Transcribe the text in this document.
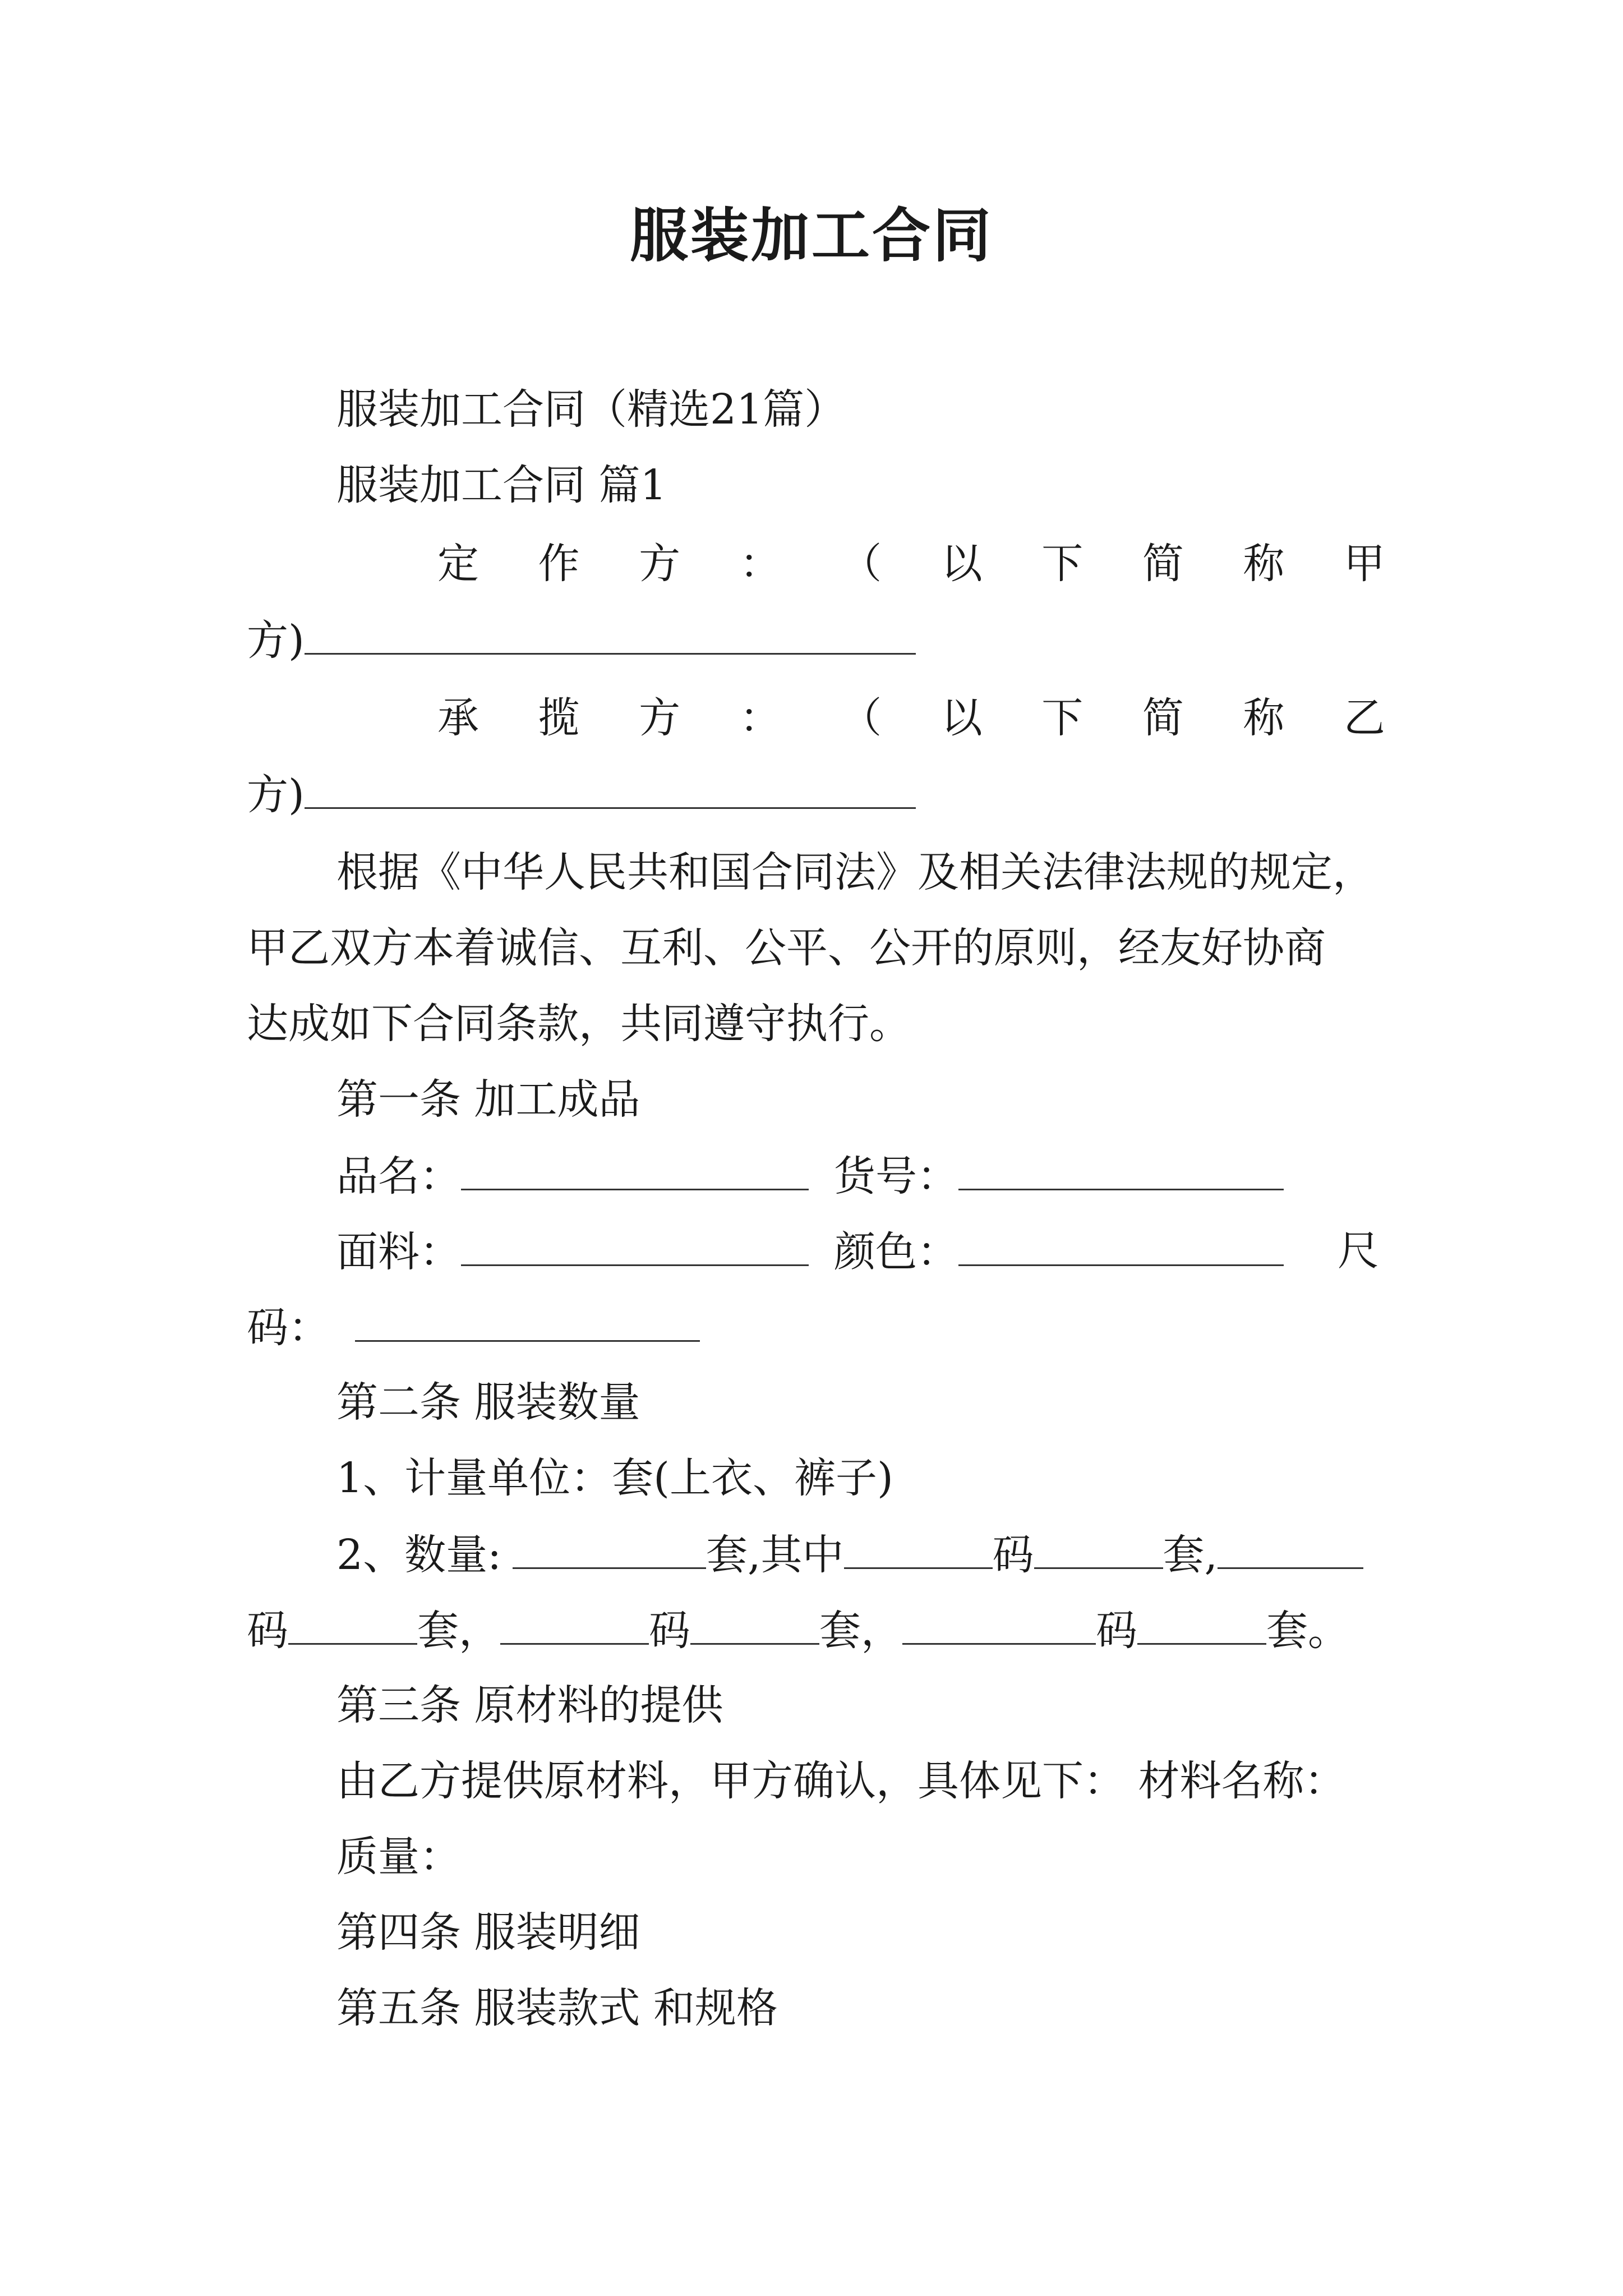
服装加工合同
服装加工合同（精选21篇）
服装加工合同 篇1
定 作 方 ： （ 以 下 简 称 甲
方)
承 揽 方 ： （ 以 下 简 称 乙
方)
根据《中华人民共和国合同法》及相关法律法规的规定，
甲乙双方本着诚信、互利、公平、公开的原则，经友好协商
达成如下合同条款，共同遵守执行。
第一条 加工成品
品名：	货号：
面料：	颜色：	尺
码：
第二条 服装数量
1、计量单位：套(上衣、裤子)
2、数量:	套,其中	码	套,
码	套，	码	套，	码	套。
第三条 原材料的提供
由乙方提供原材料，甲方确认，具体见下： 材料名称：
质量：
第四条 服装明细
第五条 服装款式 和规格
